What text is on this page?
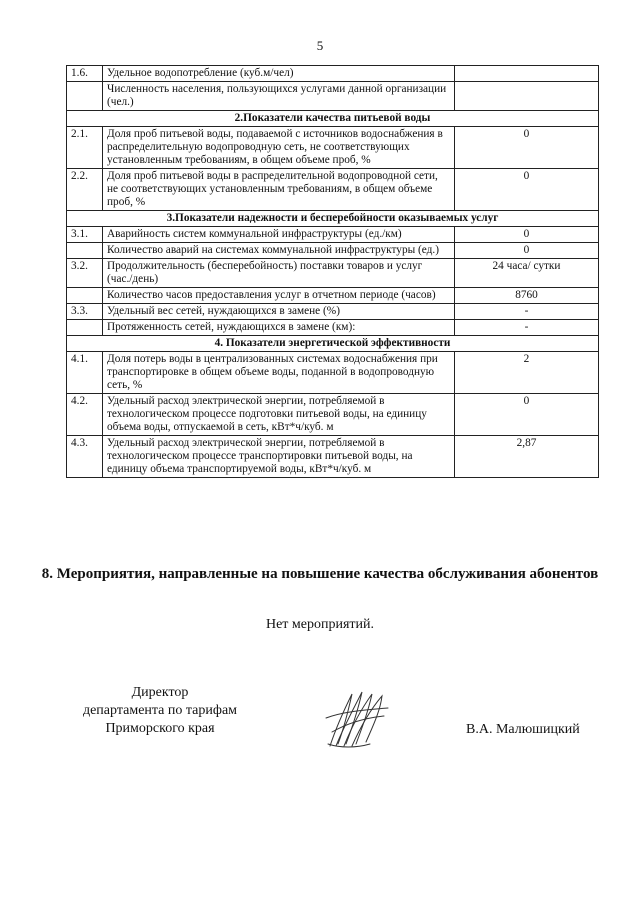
5
1.6.	Удельное водопотребление (куб.м/чел)	
	Численность населения, пользующихся услугами данной организации (чел.)	
2.Показатели качества питьевой воды		
2.1.	Доля проб питьевой воды, подаваемой с источников водоснабжения в распределительную водопроводную сеть, не соответствующих установленным требованиям, в общем объеме проб, %	0
2.2.	Доля проб питьевой воды в распределительной водопроводной сети, не соответствующих установленным требованиям, в общем объеме проб, %	0
3.Показатели надежности и бесперебойности оказываемых услуг		
3.1.	Аварийность систем коммунальной инфраструктуры (ед./км)	0
	Количество аварий на системах коммунальной инфраструктуры (ед.)	0
3.2.	Продолжительность (бесперебойность) поставки товаров и услуг (час./день)	24 часа/ сутки
	Количество часов предоставления услуг в отчетном периоде (часов)	8760
3.3.	Удельный вес сетей, нуждающихся в замене (%)	-
	Протяженность сетей, нуждающихся в замене (км):	-
4. Показатели энергетической эффективности		
4.1.	Доля потерь воды в централизованных системах водоснабжения при транспортировке в общем объеме воды, поданной в водопроводную сеть, %	2
4.2.	Удельный расход электрической энергии, потребляемой в технологическом процессе подготовки питьевой воды, на единицу объема воды, отпускаемой в сеть, кВт*ч/куб. м	0
4.3.	Удельный расход электрической энергии, потребляемой в технологическом процессе транспортировки питьевой воды, на единицу объема транспортируемой воды, кВт*ч/куб. м	2,87
8. Мероприятия, направленные на повышение качества обслуживания абонентов
Нет мероприятий.
Директор
департамента по тарифам
Приморского края	В.А. Малюшицкий
